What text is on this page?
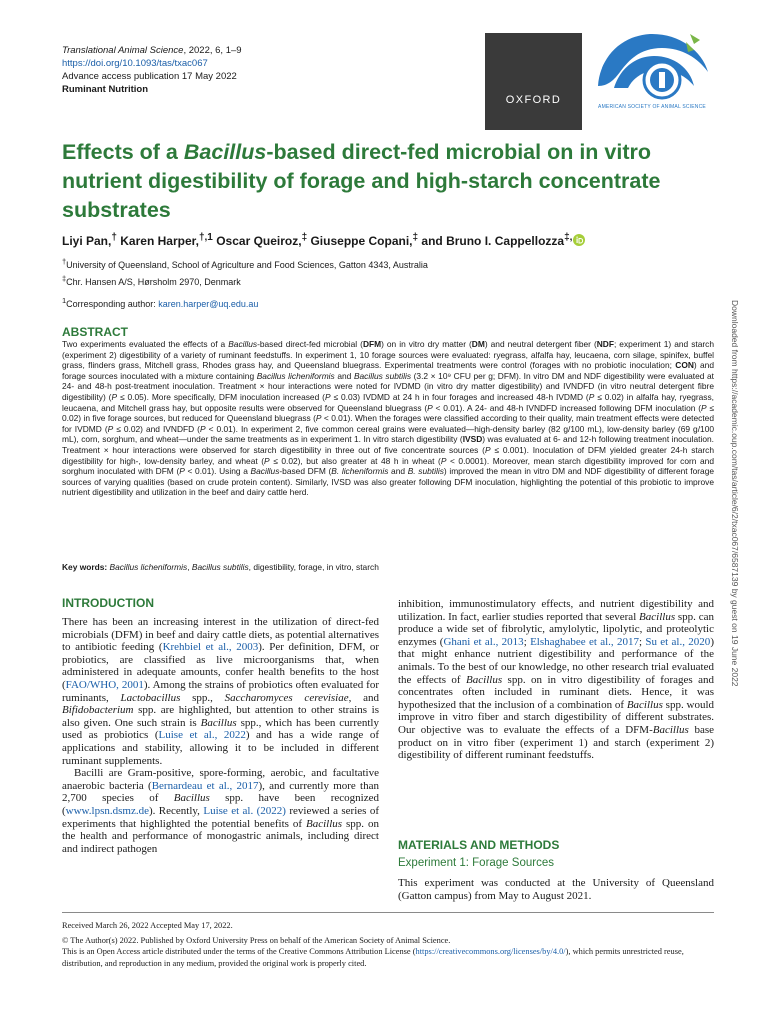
Translational Animal Science, 2022, 6, 1–9
https://doi.org/10.1093/tas/txac067
Advance access publication 17 May 2022
Ruminant Nutrition
OXFORD
AMERICAN SOCIETY OF ANIMAL SCIENCE
Effects of a Bacillus-based direct-fed microbial on in vitro nutrient digestibility of forage and high-starch concentrate substrates
Liyi Pan,† Karen Harper,$^{\dagger,1}$ Oscar Queiroz,‡ Giuseppe Copani,‡ and Bruno I. Cappellozza‡,
†University of Queensland, School of Agriculture and Food Sciences, Gatton 4343, Australia
‡Chr. Hansen A/S, Hørsholm 2970, Denmark
$^1$Corresponding author: karen.harper@uq.edu.au
ABSTRACT
Two experiments evaluated the effects of a Bacillus-based direct-fed microbial (DFM) on in vitro dry matter (DM) and neutral detergent fiber (NDF; experiment 1) and starch (experiment 2) digestibility of a variety of ruminant feedstuffs. In experiment 1, 10 forage sources were evaluated: ryegrass, alfalfa hay, leucaena, corn silage, spinifex, buffel grass, flinders grass, Mitchell grass, Rhodes grass hay, and Queensland bluegrass. Experimental treatments were control (forages with no probiotic inoculation; CON) and forage sources inoculated with a mixture containing Bacillus licheniformis and Bacillus subtilis (3.2 × 10⁹ CFU per g; DFM). In vitro DM and NDF digestibility were evaluated at 24- and 48-h post-treatment inoculation. Treatment × hour interactions were noted for IVDMD (in vitro dry matter digestibility) and IVNDFD (in vitro neutral detergent fibre digestibility) (P ≤ 0.05). More specifically, DFM inoculation increased (P ≤ 0.03) IVDMD at 24 h in four forages and increased 48-h IVDMD (P ≤ 0.02) in alfalfa hay, ryegrass, leucaena, and Mitchell grass hay, but opposite results were observed for Queensland bluegrass (P < 0.01). A 24- and 48-h IVNDFD increased following DFM inoculation (P ≤ 0.02) in five forage sources, but reduced for Queensland bluegrass (P < 0.01). When the forages were classified according to their quality, main treatment effects were detected for IVDMD (P ≤ 0.02) and IVNDFD (P < 0.01). In experiment 2, five common cereal grains were evaluated—high-density barley (82 g/100 mL), low-density barley (69 g/100 mL), corn, sorghum, and wheat—under the same treatments as in experiment 1. In vitro starch digestibility (IVSD) was evaluated at 6- and 12-h following treatment inoculation. Treatment × hour interactions were observed for starch digestibility in three out of five concentrate sources (P ≤ 0.001). Inoculation of DFM yielded greater 24-h starch digestibility for high-, low-density barley, and wheat (P ≤ 0.02), but also greater at 48 h in wheat (P < 0.0001). Moreover, mean starch digestibility improved for corn and sorghum inoculated with DFM (P < 0.01). Using a Bacillus-based DFM (B. licheniformis and B. subtilis) improved the mean in vitro DM and NDF digestibility of different forage sources of varying qualities (based on crude protein content). Similarly, IVSD was also greater following DFM inoculation, highlighting the potential of this probiotic to improve nutrient digestibility and utilization in the beef and dairy cattle herd.
Key words: Bacillus licheniformis, Bacillus subtilis, digestibility, forage, in vitro, starch
INTRODUCTION
There has been an increasing interest in the utilization of direct-fed microbials (DFM) in beef and dairy cattle diets, as potential alternatives to antibiotic feeding (Krehbiel et al., 2003). Per definition, DFM, or probiotics, are classified as live microorganisms that, when administered in adequate amounts, confer health benefits to the host (FAO/WHO, 2001). Among the strains of probiotics often evaluated for ruminants, Lactobacillus spp., Saccharomyces cerevisiae, and Bifidobacterium spp. are highlighted, but attention to other strains is also given. One such strain is Bacillus spp., which has been currently used as probiotics (Luise et al., 2022) and has a wide range of applications and stability, allowing it to be included in different ruminant supplements.
Bacilli are Gram-positive, spore-forming, aerobic, and facultative anaerobic bacteria (Bernardeau et al., 2017), and currently more than 2,700 species of Bacillus spp. have been recognized (www.lpsn.dsmz.de). Recently, Luise et al. (2022) reviewed a series of experiments that highlighted the potential benefits of Bacillus spp. on the health and performance of monogastric animals, including direct and indirect pathogen
inhibition, immunostimulatory effects, and nutrient digestibility and utilization. In fact, earlier studies reported that several Bacillus spp. can produce a wide set of fibrolytic, amylolytic, lipolytic, and proteolytic enzymes (Ghani et al., 2013; Elshaghabee et al., 2017; Su et al., 2020) that might enhance nutrient digestibility and performance of the animals. To the best of our knowledge, no other research trial evaluated the effects of Bacillus spp. on in vitro digestibility of forages and concentrates often included in ruminant diets. Hence, it was hypothesized that the inclusion of a combination of Bacillus spp. would improve in vitro fiber and starch digestibility of different substrates. Our objective was to evaluate the effects of a DFM-Bacillus base product on in vitro fiber (experiment 1) and starch (experiment 2) digestibility of different ruminant feedstuffs.
MATERIALS AND METHODS
Experiment 1: Forage Sources
This experiment was conducted at the University of Queensland (Gatton campus) from May to August 2021.
Received March 26, 2022 Accepted May 17, 2022.
© The Author(s) 2022. Published by Oxford University Press on behalf of the American Society of Animal Science.
This is an Open Access article distributed under the terms of the Creative Commons Attribution License (https://creativecommons.org/licenses/by/4.0/), which permits unrestricted reuse, distribution, and reproduction in any medium, provided the original work is properly cited.
Downloaded from https://academic.oup.com/tas/article/6/2/txac067/6587139 by guest on 19 June 2022
